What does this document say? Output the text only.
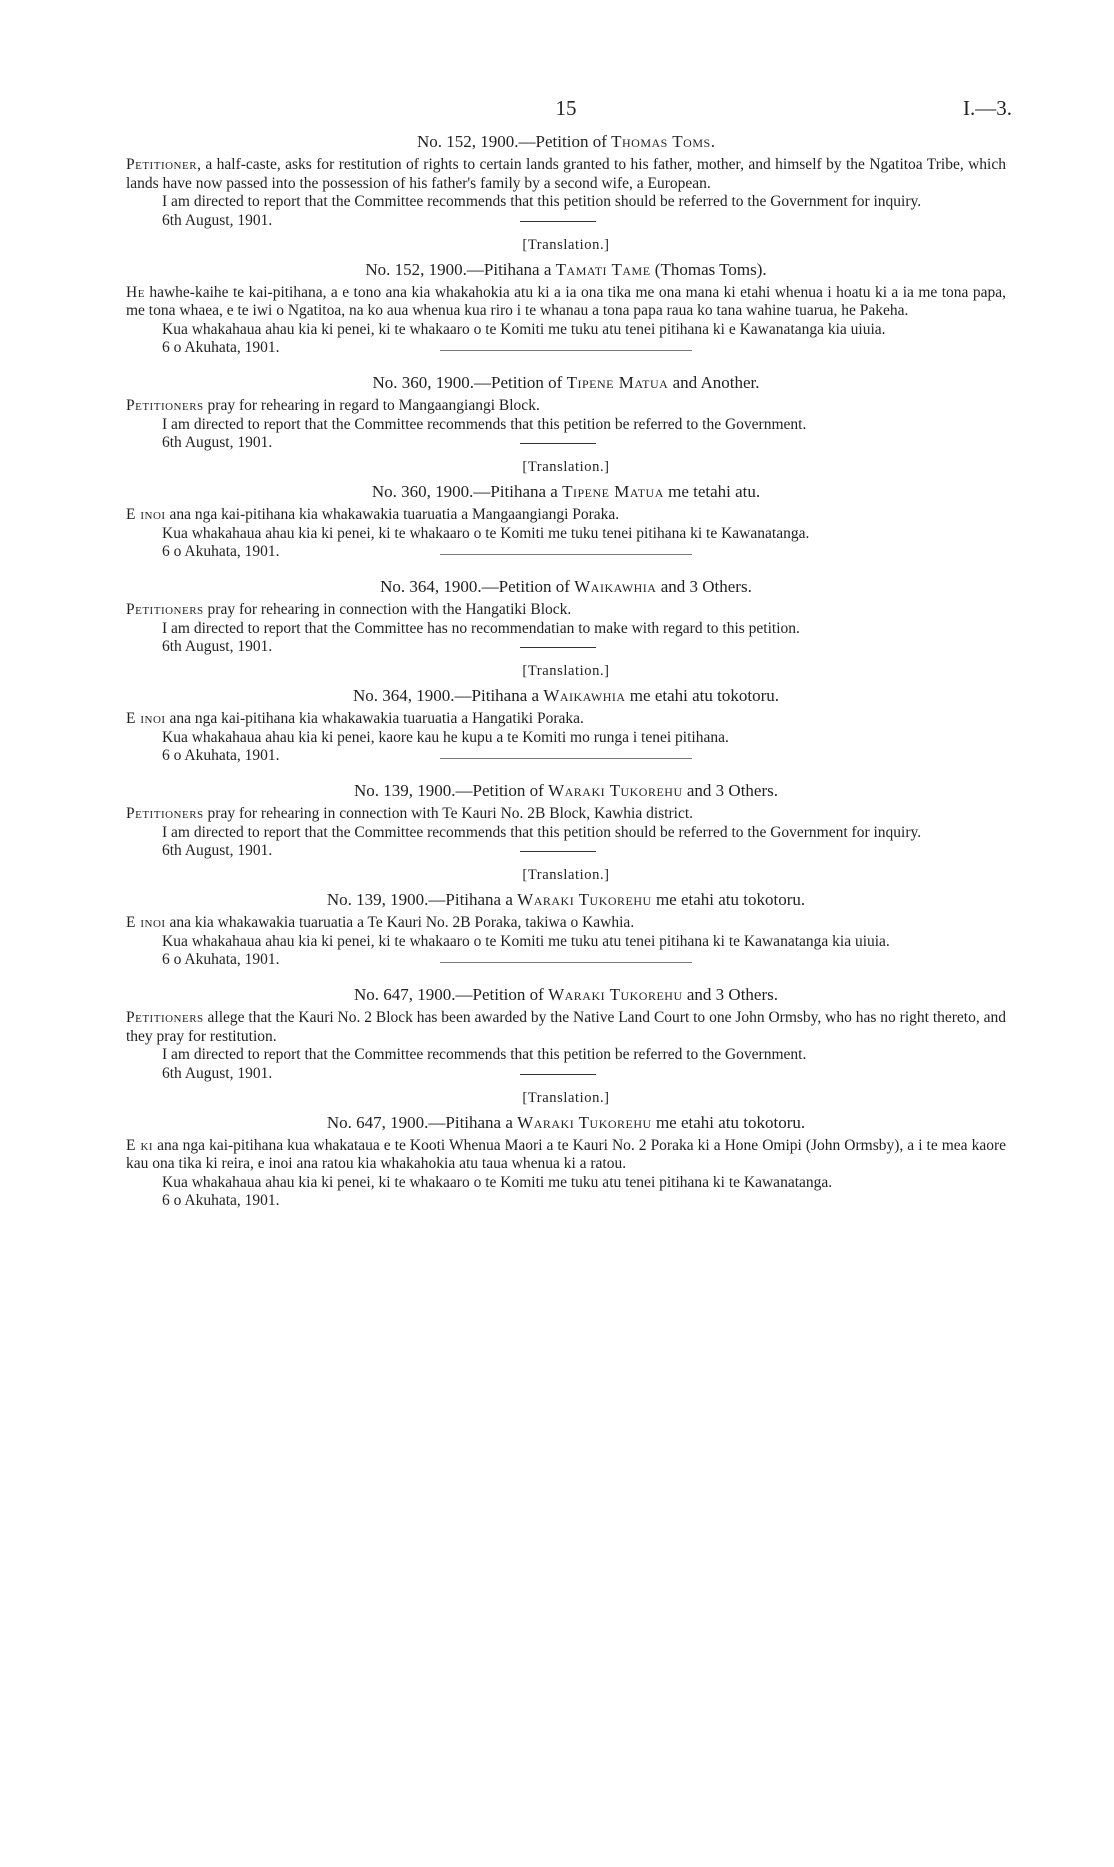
15	I.—3.
No. 152, 1900.—Petition of Thomas Toms.

Petitioner, a half-caste, asks for restitution of rights to certain lands granted to his father, mother, and himself by the Ngatitoa Tribe, which lands have now passed into the possession of his father's family by a second wife, a European.

I am directed to report that the Committee recommends that this petition should be referred to the Government for inquiry.

6th August, 1901.
[Translation.]
No. 152, 1900.—Pitihana a Tamati Tame (Thomas Toms).

He hawhe-kaihe te kai-pitihana, a e tono ana kia whakahokia atu ki a ia ona tika me ona mana ki etahi whenua i hoatu ki a ia me tona papa, me tona whaea, e te iwi o Ngatitoa, na ko aua whenua kua riro i te whanau a tona papa raua ko tana wahine tuarua, he Pakeha.

Kua whakahaua ahau kia ki penei, ki te whakaaro o te Komiti me tuku atu tenei pitihana ki e Kawanatanga kia uiuia.

6 o Akuhata, 1901.
No. 360, 1900.—Petition of Tipene Matua and Another.

Petitioners pray for rehearing in regard to Mangaangiangi Block.

I am directed to report that the Committee recommends that this petition be referred to the Government.

6th August, 1901.
[Translation.]
No. 360, 1900.—Pitihana a Tipene Matua me tetahi atu.

E inoi ana nga kai-pitihana kia whakawakia tuaruatia a Mangaangiangi Poraka.

Kua whakahaua ahau kia ki penei, ki te whakaaro o te Komiti me tuku tenei pitihana ki te Kawanatanga.

6 o Akuhata, 1901.
No. 364, 1900.—Petition of Waikawhia and 3 Others.

Petitioners pray for rehearing in connection with the Hangatiki Block.

I am directed to report that the Committee has no recommendatian to make with regard to this petition.

6th August, 1901.
[Translation.]
No. 364, 1900.—Pitihana a Waikawhia me etahi atu tokotoru.

E inoi ana nga kai-pitihana kia whakawakia tuaruatia a Hangatiki Poraka.

Kua whakahaua ahau kia ki penei, kaore kau he kupu a te Komiti mo runga i tenei pitihana.

6 o Akuhata, 1901.
No. 139, 1900.—Petition of Waraki Tukorehu and 3 Others.

Petitioners pray for rehearing in connection with Te Kauri No. 2B Block, Kawhia district.

I am directed to report that the Committee recommends that this petition should be referred to the Government for inquiry.

6th August, 1901.
[Translation.]
No. 139, 1900.—Pitihana a Waraki Tukorehu me etahi atu tokotoru.

E inoi ana kia whakawakia tuaruatia a Te Kauri No. 2B Poraka, takiwa o Kawhia.

Kua whakahaua ahau kia ki penei, ki te whakaaro o te Komiti me tuku atu tenei pitihana ki te Kawanatanga kia uiuia.

6 o Akuhata, 1901.
No. 647, 1900.—Petition of Waraki Tukorehu and 3 Others.

Petitioners allege that the Kauri No. 2 Block has been awarded by the Native Land Court to one John Ormsby, who has no right thereto, and they pray for restitution.

I am directed to report that the Committee recommends that this petition be referred to the Government.

6th August, 1901.
[Translation.]
No. 647, 1900.—Pitihana a Waraki Tukorehu me etahi atu tokotoru.

E ki ana nga kai-pitihana kua whakataua e te Kooti Whenua Maori a te Kauri No. 2 Poraka ki a Hone Omipi (John Ormsby), a i te mea kaore kau ona tika ki reira, e inoi ana ratou kia whakahokia atu taua whenua ki a ratou.

Kua whakahaua ahau kia ki penei, ki te whakaaro o te Komiti me tuku atu tenei pitihana ki te Kawanatanga.

6 o Akuhata, 1901.
